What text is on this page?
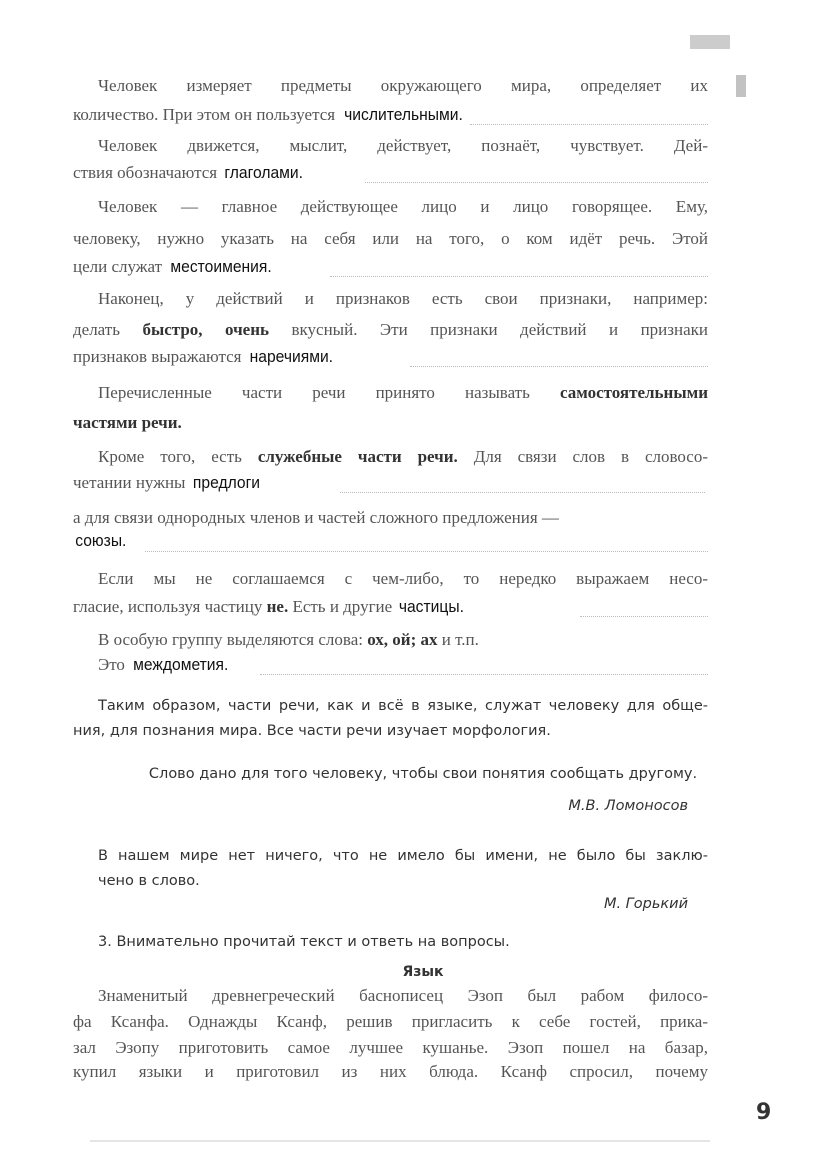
Человек измеряет предметы окружающего мира, определяет их
количество. При этом он пользуется числительными.
Человек движется, мыслит, действует, познаёт, чувствует. Дей-
ствия обозначаются глаголами.
Человек — главное действующее лицо и лицо говорящее. Ему,
человеку, нужно указать на себя или на того, о ком идёт речь. Этой
цели служат местоимения.
Наконец, у действий и признаков есть свои признаки, например:
делать быстро, очень вкусный. Эти признаки действий и признаки
признаков выражаются наречиями.
Перечисленные части речи принято называть самостоятельными
частями речи.
Кроме того, есть служебные части речи. Для связи слов в словосо-
четании нужны предлоги
а для связи однородных членов и частей сложного предложения —
союзы.
Если мы не соглашаемся с чем-либо, то нередко выражаем несо-
гласие, используя частицу не. Есть и другие частицы.
В особую группу выделяются слова: ох, ой; ах и т.п.
Это междометия.
Таким образом, части речи, как и всё в языке, служат человеку для обще-
ния, для познания мира. Все части речи изучает морфология.
Слово дано для того человеку, чтобы свои понятия сообщать другому.
М.В. Ломоносов
В нашем мире нет ничего, что не имело бы имени, не было бы заклю-
чено в слово.
М. Горький
3. Внимательно прочитай текст и ответь на вопросы.
Язык
Знаменитый древнегреческий баснописец Эзоп был рабом филосо-
фа Ксанфа. Однажды Ксанф, решив пригласить к себе гостей, прика-
зал Эзопу приготовить самое лучшее кушанье. Эзоп пошел на базар,
купил языки и приготовил из них блюда. Ксанф спросил, почему
9
